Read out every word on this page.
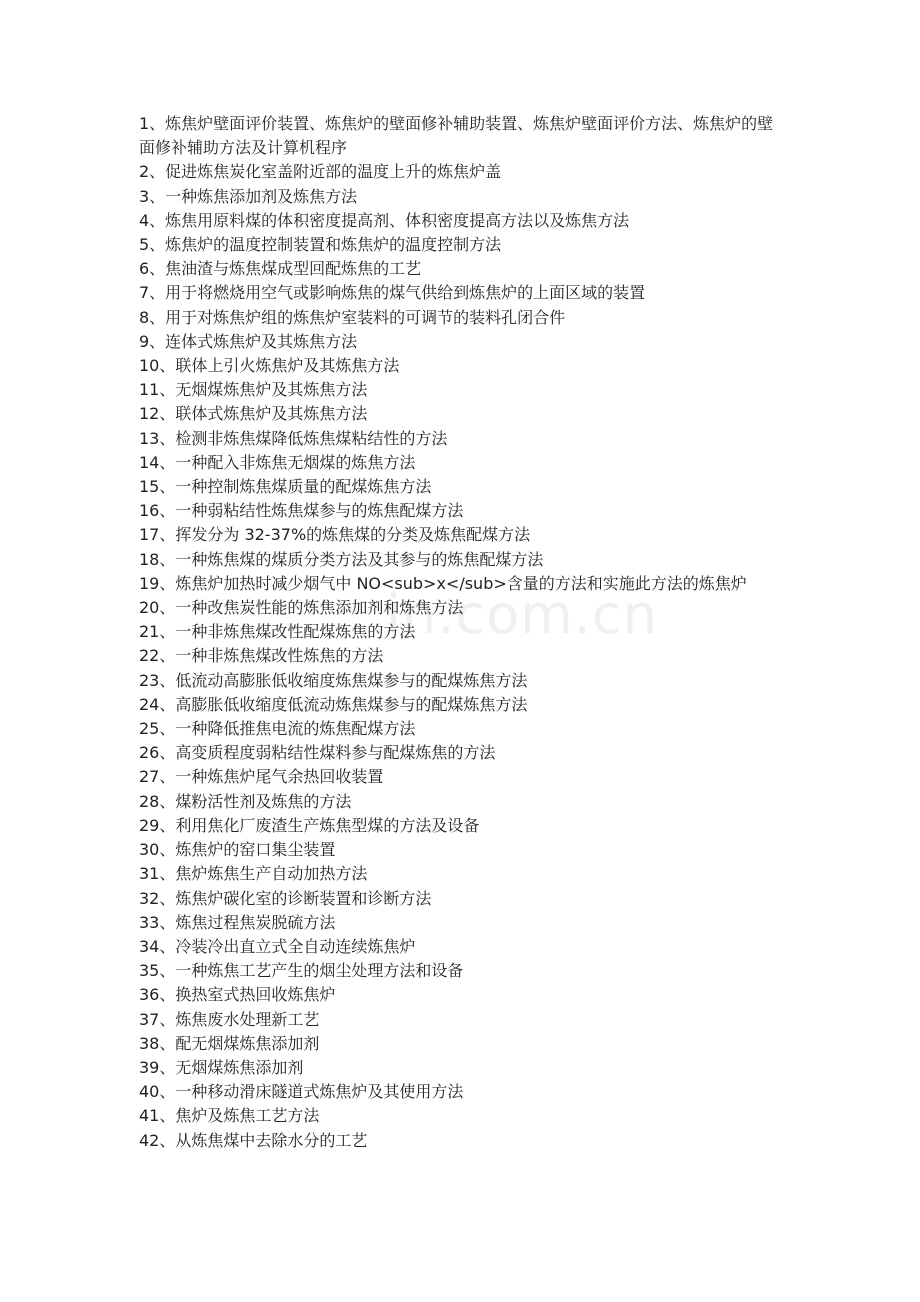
in.com.cn
1、炼焦炉壁面评价装置、炼焦炉的壁面修补辅助装置、炼焦炉壁面评价方法、炼焦炉的壁面修补辅助方法及计算机程序
2、促进炼焦炭化室盖附近部的温度上升的炼焦炉盖
3、一种炼焦添加剂及炼焦方法
4、炼焦用原料煤的体积密度提高剂、体积密度提高方法以及炼焦方法
5、炼焦炉的温度控制装置和炼焦炉的温度控制方法
6、焦油渣与炼焦煤成型回配炼焦的工艺
7、用于将燃烧用空气或影响炼焦的煤气供给到炼焦炉的上面区域的装置
8、用于对炼焦炉组的炼焦炉室装料的可调节的装料孔闭合件
9、连体式炼焦炉及其炼焦方法
10、联体上引火炼焦炉及其炼焦方法
11、无烟煤炼焦炉及其炼焦方法
12、联体式炼焦炉及其炼焦方法
13、检测非炼焦煤降低炼焦煤粘结性的方法
14、一种配入非炼焦无烟煤的炼焦方法
15、一种控制炼焦煤质量的配煤炼焦方法
16、一种弱粘结性炼焦煤参与的炼焦配煤方法
17、挥发分为 32-37%的炼焦煤的分类及炼焦配煤方法
18、一种炼焦煤的煤质分类方法及其参与的炼焦配煤方法
19、炼焦炉加热时减少烟气中 NO<sub>x</sub>含量的方法和实施此方法的炼焦炉
20、一种改焦炭性能的炼焦添加剂和炼焦方法
21、一种非炼焦煤改性配煤炼焦的方法
22、一种非炼焦煤改性炼焦的方法
23、低流动高膨胀低收缩度炼焦煤参与的配煤炼焦方法
24、高膨胀低收缩度低流动炼焦煤参与的配煤炼焦方法
25、一种降低推焦电流的炼焦配煤方法
26、高变质程度弱粘结性煤料参与配煤炼焦的方法
27、一种炼焦炉尾气余热回收装置
28、煤粉活性剂及炼焦的方法
29、利用焦化厂废渣生产炼焦型煤的方法及设备
30、炼焦炉的窑口集尘装置
31、焦炉炼焦生产自动加热方法
32、炼焦炉碳化室的诊断装置和诊断方法
33、炼焦过程焦炭脱硫方法
34、冷装冷出直立式全自动连续炼焦炉
35、一种炼焦工艺产生的烟尘处理方法和设备
36、换热室式热回收炼焦炉
37、炼焦废水处理新工艺
38、配无烟煤炼焦添加剂
39、无烟煤炼焦添加剂
40、一种移动滑床隧道式炼焦炉及其使用方法
41、焦炉及炼焦工艺方法
42、从炼焦煤中去除水分的工艺
